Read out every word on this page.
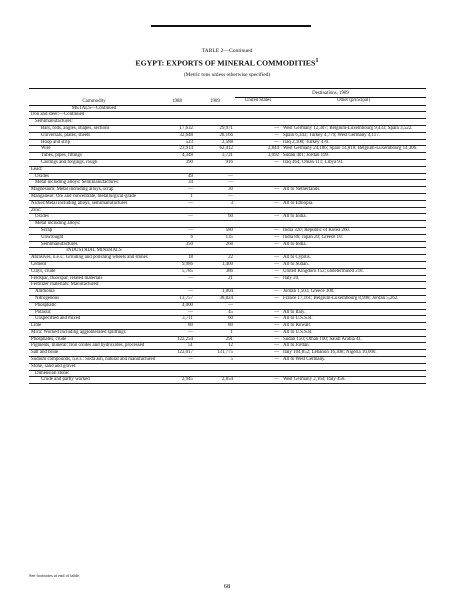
TABLE 2—Continued
EGYPT: EXPORTS OF MINERAL COMMODITIES$^1$
(Metric tons unless otherwise specified)
Commodity	1988	1989	Destinations, 1989	
			United States	Other (principal)
METALS—Continued				
Iron and steel:—Continued				
Semimanufactures:				
Bars, rods, angles, shapes, sections	17,632	29,971	—	West Germany 12,307; Belgium-Luxembourg 9,433; Spain 3,522.
Universals, plates, sheets	32,648	28,166	—	Spain 6,343; Turkey 4,779; West Germany 4,117.
Hoop and strip	523	2,588	—	Iraq 2,100; Turkey 470.
Wire	23,914	62,412	2,844	West Germany 24,186; Spain 14,818; Belgium-Luxembourg 14,306.
Tubes, pipes, fittings	4,348	3,731	3,092	Sudan 401; Jordan 199.
Castings and forgings, rough	390	916	—	Iraq 464; Oman 111; Libya 93.
Lead:				
Oxides	49	—		
Metal including alloys: Semimanufactures	34	—		
Magnesium: Metal including alloys, scrap	—	30	—	All to Netherlands.
Manganese: Ore and concentrate, metallurgical-grade	1	—		
Nickel:Metal including alloys, semimanufactures	—	3	—	All to Ethiopia.
Zinc:				
Oxides	—	60	—	All to India.
Metal including alloys:				
Scrap	—	580	—	India 320; Republic of Korea 260.
Unwrought	6	135	—	India 86; Japan 20; Greece 10.
Semimanufactures	350	268	—	All to India.
INDUSTRIAL MINERALS				
Abrasives, n.e.s.: Grinding and polishing wheels and stones	18	22	—	All to Cyprus.
Cement	9,986	1,400	—	All to Sudan.
Clays, crude	5,785	386	—	United Kingdom 152; undetermined 218.
Feldspar, fluorspar, related materials	—	21	—	Italy 20.
Fertilizer materials: Manufactured:				
Ammonia	—	1,804	—	Jordan 1,503; Greece 300.
Nitrogenous	13,757	38,824	—	France 17,161; Belgium-Luxembourg 8,998; Jordan 5,262.
Phosphatic	4,000	—		
Potassic	—	45	—	All to Italy.
Unspecified and mixed	3,711	60	—	All to U.S.S.R.
Lime	80	80	—	All to Kuwait.
Mica: Worked including agglomerated splittings	—	1	—	All to U.S.S.R.
Phosphates, crude	122,254	291	—	Sudan 150; Oman 100; Saudi Arabia 41.
Pigments, mineral: Iron oxides and hydroxides, processed	51	12	—	All to Jordan.
Salt and brine	122,017	131,775	—	Italy 104,852; Lebanon 16,308; Nigeria 10,000.
Sodium compounds, n.e.s.: Soda ash, natural and manufactured	—	5	—	All to West Germany.
Stone, sand and gravel:				
Dimension stone:				
Crude and partly worked	2,945	2,854	—	West Germany 2,164; Italy 458.
See footnotes at end of table.
68
